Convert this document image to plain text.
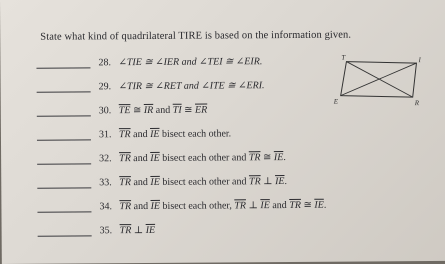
State what kind of quadrilateral TIRE is based on the information given.
28. ∠TIE ≅ ∠IER and ∠TEI ≅ ∠EIR.
29. ∠TIR ≅ ∠RET and ∠ITE ≅ ∠ERI.
30. $\overline{TE}$ ≅ $\overline{IR}$ and $\overline{TI}$ ≅ $\overline{ER}$
31. $\overline{TR}$ and $\overline{IE}$ bisect each other.
32. $\overline{TR}$ and $\overline{IE}$ bisect each other and $\overline{TR}$ ≅ $\overline{IE}$.
33. $\overline{TR}$ and $\overline{IE}$ bisect each other and $\overline{TR}$ ⊥ $\overline{IE}$.
34. $\overline{TR}$ and $\overline{IE}$ bisect each other, $\overline{TR}$ ⊥ $\overline{IE}$ and $\overline{TR}$ ≅ $\overline{IE}$.
35. $\overline{TR}$ ⊥ $\overline{IE}$
T	I
R
E
